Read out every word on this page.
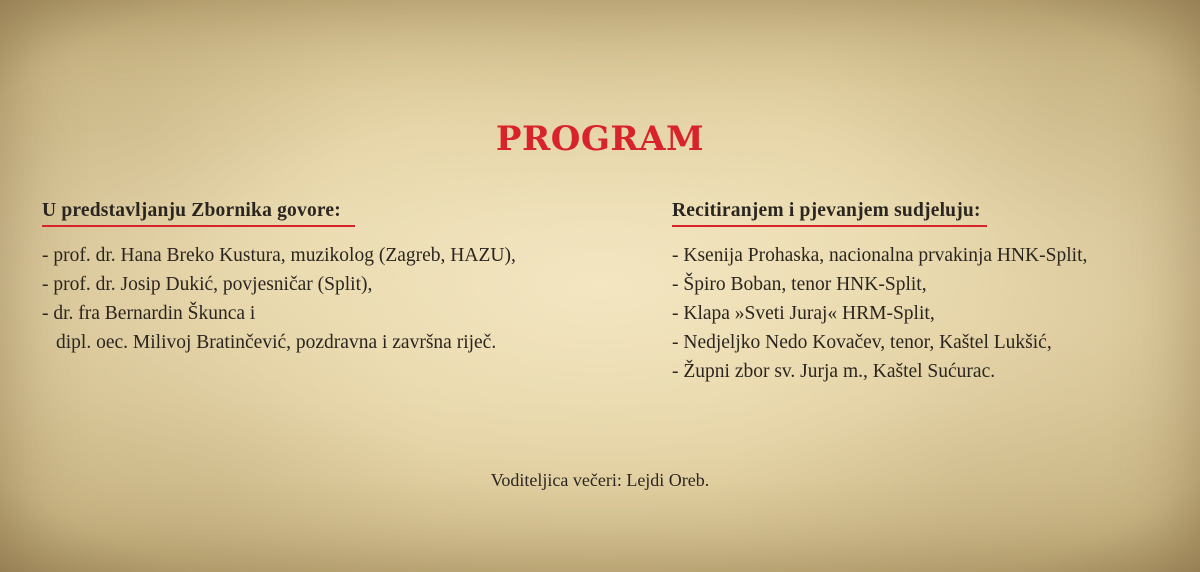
PROGRAM
U predstavljanju Zbornika govore:
- prof. dr. Hana Breko Kustura, muzikolog (Zagreb, HAZU),
- prof. dr. Josip Dukić, povjesničar (Split),
- dr. fra Bernardin Škunca i
dipl. oec. Milivoj Bratinčević, pozdravna i završna riječ.
Recitiranjem i pjevanjem sudjeluju:
- Ksenija Prohaska, nacionalna prvakinja HNK-Split,
- Špiro Boban, tenor HNK-Split,
- Klapa »Sveti Juraj« HRM-Split,
- Nedjeljko Nedo Kovačev, tenor, Kaštel Lukšić,
- Župni zbor sv. Jurja m., Kaštel Sućurac.
Voditeljica večeri: Lejdi Oreb.
